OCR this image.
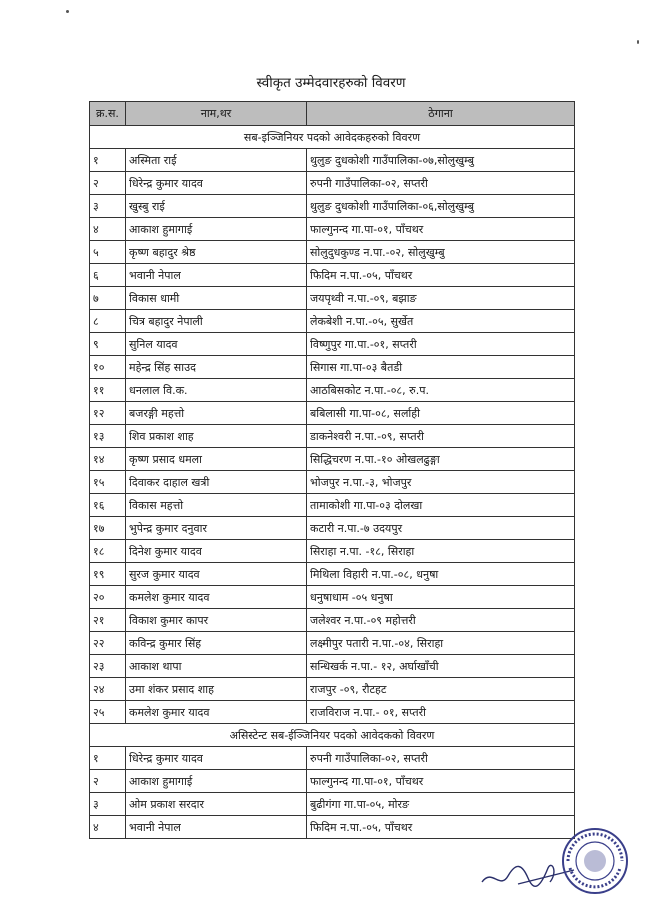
स्वीकृत उम्मेदवारहरुको विवरण
क्र.स.	नाम,थर	ठेगाना
सब-इञ्जिनियर पदको आवेदकहरुको विवरण		
१	अस्मिता राई	थुलुङ दुधकोशी गाउँपालिका-०७,सोलुखुम्बु
२	धिरेन्द्र कुमार यादव	रुपनी गाउँपालिका-०२, सप्तरी
३	खुस्बु राई	थुलुङ दुधकोशी गाउँपालिका-०६,सोलुखुम्बु
४	आकाश हुमागाई	फाल्गुनन्द गा.पा-०१, पाँचथर
५	कृष्ण बहादुर श्रेष्ठ	सोलुदुधकुण्ड न.पा.-०२, सोलुखुम्बु
६	भवानी नेपाल	फिदिम न.पा.-०५, पाँचथर
७	विकास धामी	जयपृथ्वी न.पा.-०९, बझाङ
८	चित्र बहादुर नेपाली	लेकबेशी न.पा.-०५, सुर्खेत
९	सुनिल यादव	विष्णुपुर गा.पा.-०१, सप्तरी
१०	महेन्द्र सिंह साउद	सिगास गा.पा-०३ बैतडी
११	धनलाल वि.क.	आठबिसकोट न.पा.-०८, रु.प.
१२	बजरङ्गी महत्तो	बबिलासी गा.पा-०८, सर्लाही
१३	शिव प्रकाश शाह	डाकनेश्वरी न.पा.-०९, सप्तरी
१४	कृष्ण प्रसाद धमला	सिद्धिचरण न.पा.-१० ओखलढुङ्गा
१५	दिवाकर दाहाल खत्री	भोजपुर न.पा.-३, भोजपुर
१६	विकास महत्तो	तामाकोशी गा.पा-०३ दोलखा
१७	भुपेन्द्र कुमार दनुवार	कटारी न.पा.-७ उदयपुर
१८	दिनेश कुमार यादव	सिराहा न.पा. -१८, सिराहा
१९	सुरज कुमार यादव	मिथिला विहारी न.पा.-०८, धनुषा
२०	कमलेश कुमार यादव	धनुषाधाम -०५ धनुषा
२१	विकाश कुमार कापर	जलेश्वर न.पा.-०९ महोत्तरी
२२	कविन्द्र कुमार सिंह	लक्ष्मीपुर पतारी न.पा.-०४, सिराहा
२३	आकाश थापा	सन्धिखर्क न.पा.- १२, अर्घाखाँची
२४	उमा शंकर प्रसाद शाह	राजपुर -०९, रौटहट
२५	कमलेश कुमार यादव	राजविराज न.पा.- ०१, सप्तरी
असिस्टेन्ट सब-ईञ्जिनियर पदको आवेदकको विवरण		
१	धिरेन्द्र कुमार यादव	रुपनी गाउँपालिका-०२, सप्तरी
२	आकाश हुमागाई	फाल्गुनन्द गा.पा-०१, पाँचथर
३	ओम प्रकाश सरदार	बुढीगंगा गा.पा-०५, मोरङ
४	भवानी नेपाल	फिदिम न.पा.-०५, पाँचथर
